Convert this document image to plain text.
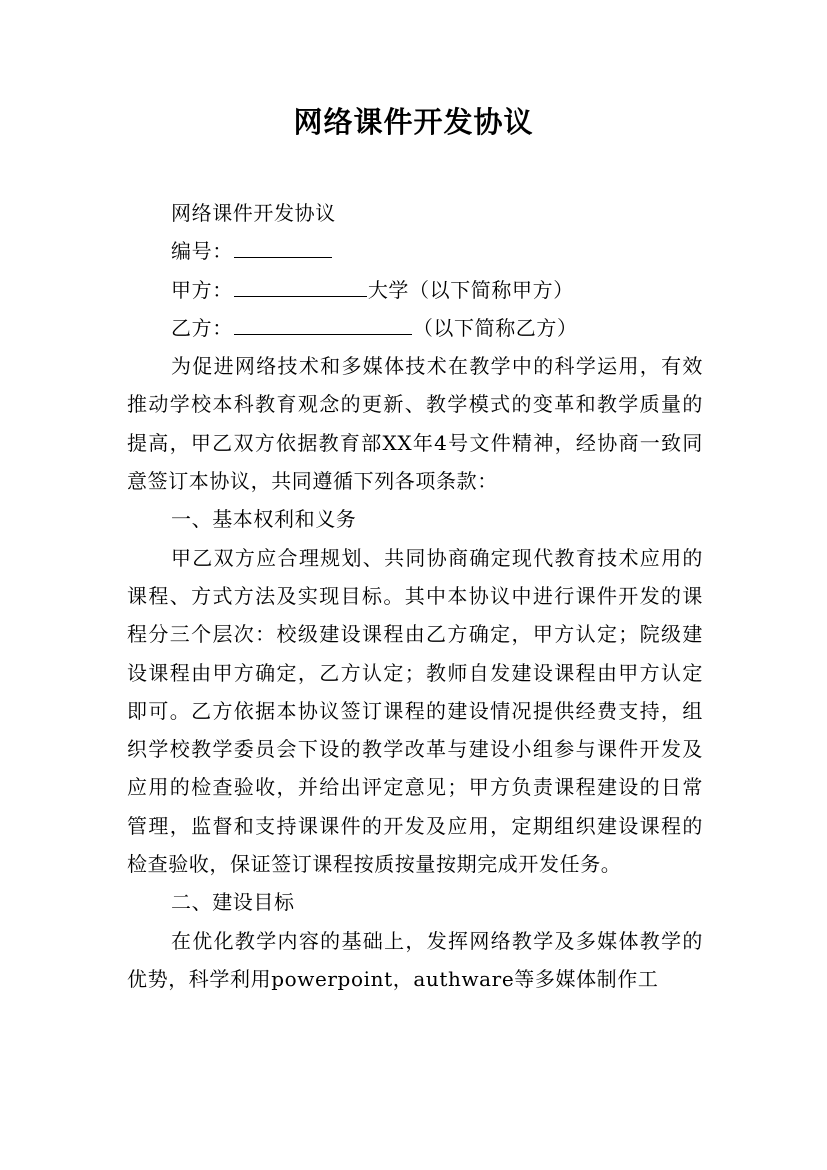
网络课件开发协议

网络课件开发协议

编号：

甲方：	大学（以下简称甲方）

乙方：	（以下简称乙方）

为促进网络技术和多媒体技术在教学中的科学运用，有效推动学校本科教育观念的更新、教学模式的变革和教学质量的提高，甲乙双方依据教育部XX年4号文件精神，经协商一致同意签订本协议，共同遵循下列各项条款：

一、基本权利和义务

甲乙双方应合理规划、共同协商确定现代教育技术应用的课程、方式方法及实现目标。其中本协议中进行课件开发的课程分三个层次：校级建设课程由乙方确定，甲方认定；院级建设课程由甲方确定，乙方认定；教师自发建设课程由甲方认定即可。乙方依据本协议签订课程的建设情况提供经费支持，组织学校教学委员会下设的教学改革与建设小组参与课件开发及应用的检查验收，并给出评定意见；甲方负责课程建设的日常管理，监督和支持课课件的开发及应用，定期组织建设课程的检查验收，保证签订课程按质按量按期完成开发任务。

二、建设目标

在优化教学内容的基础上，发挥网络教学及多媒体教学的优势，科学利用powerpoint，authware等多媒体制作工
